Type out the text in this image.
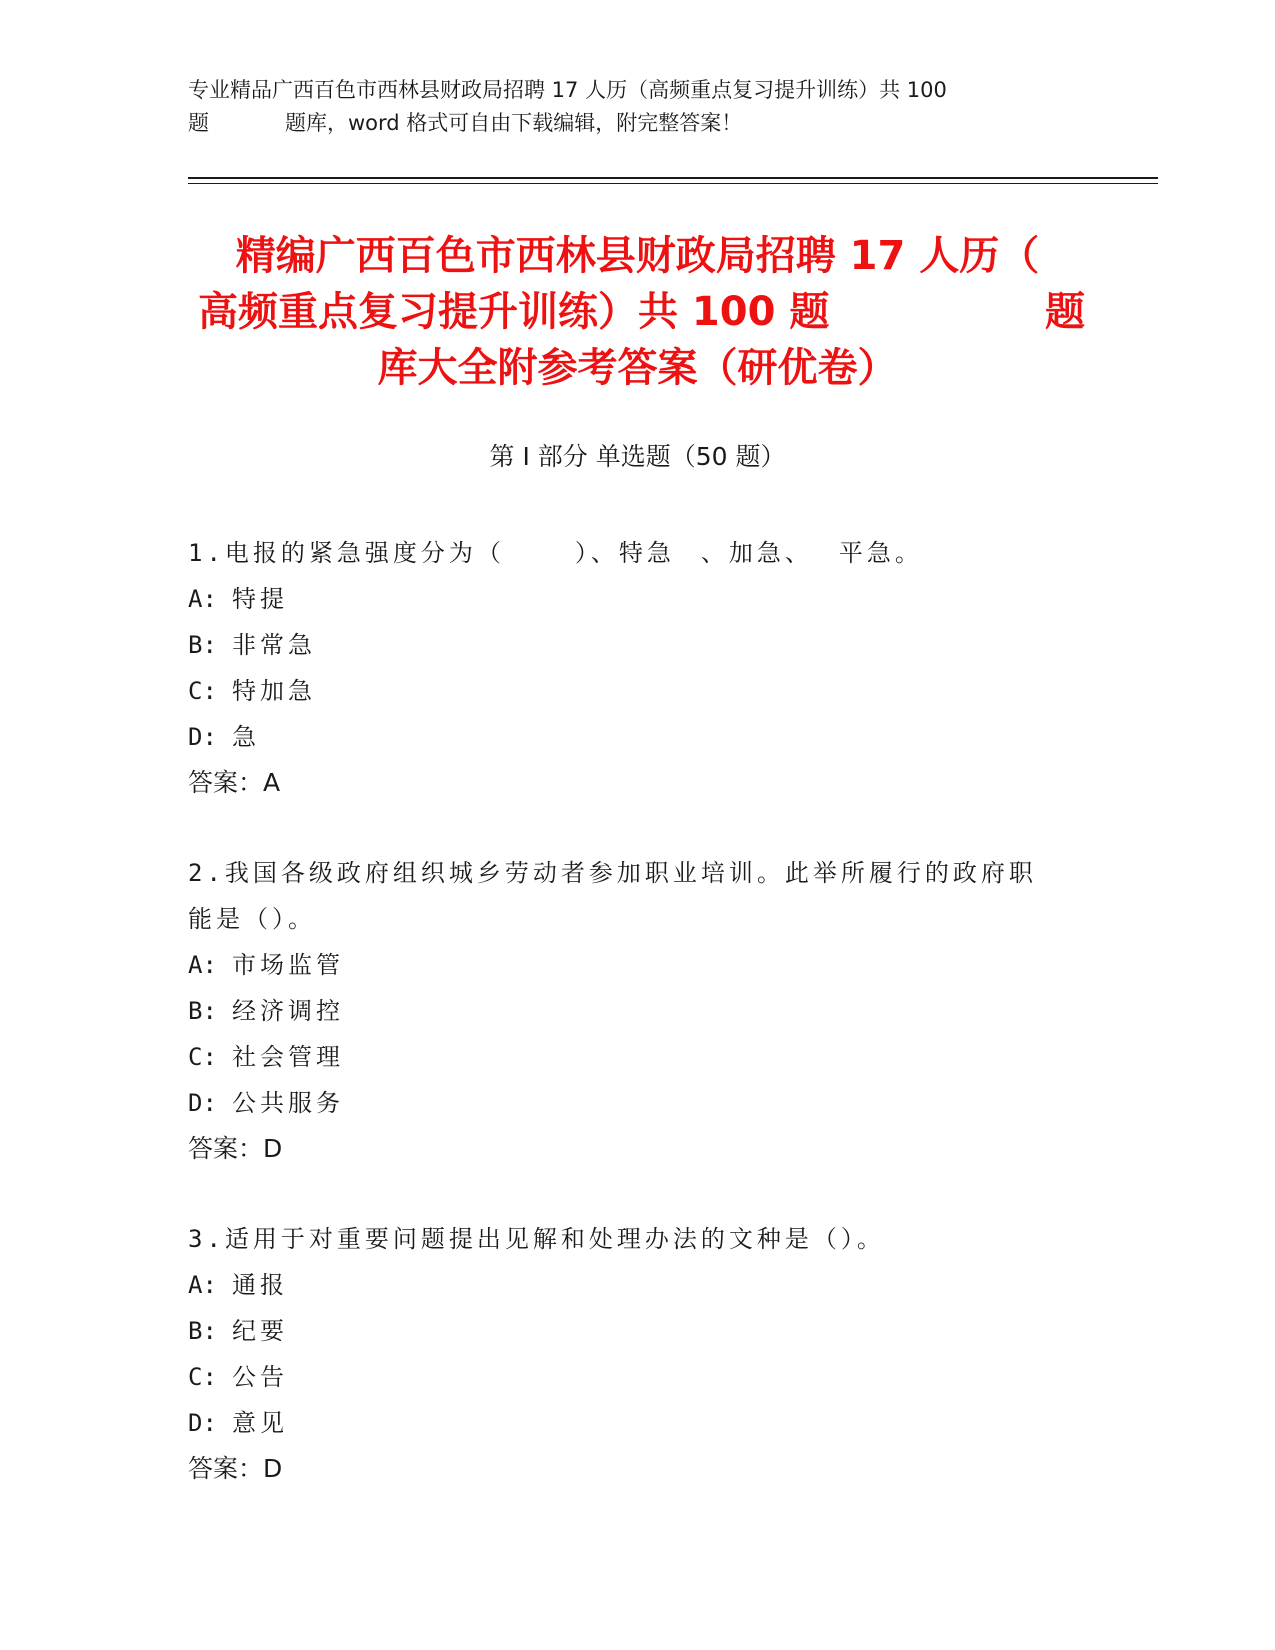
专业精品广西百色市西林县财政局招聘 17 人历（高频重点复习提升训练）共 100
题	题库，word 格式可自由下载编辑，附完整答案！
精编广西百色市西林县财政局招聘 17 人历（
高频重点复习提升训练）共 100 题	题
库大全附参考答案（研优卷）
第 I 部分 单选题（50 题）
1.电报的紧急强度分为（	）、特急 、加急、 平急。
A: 特提
B: 非常急
C: 特加急
D: 急
答案：A
2.我国各级政府组织城乡劳动者参加职业培训。此举所履行的政府职
能是（）。
A: 市场监管
B: 经济调控
C: 社会管理
D: 公共服务
答案：D
3.适用于对重要问题提出见解和处理办法的文种是（）。
A: 通报
B: 纪要
C: 公告
D: 意见
答案：D
